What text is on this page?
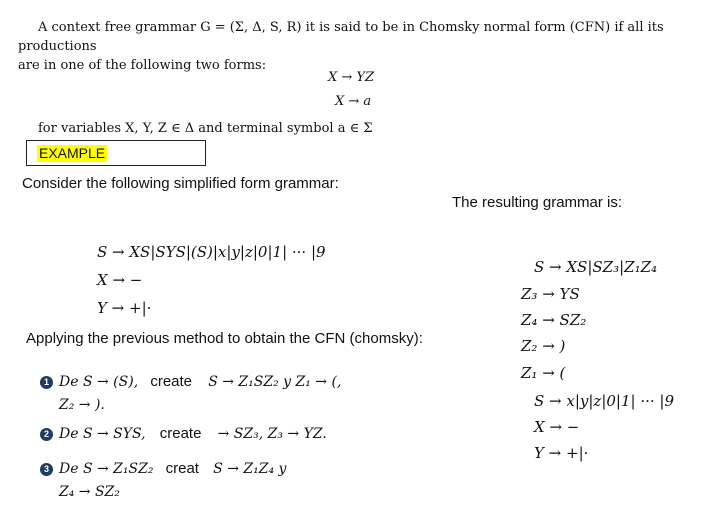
A context free grammar G = (Σ, Δ, S, R) it is said to be in Chomsky normal form (CFN) if all its productions

are in one of the following two forms:
X → YZ
X → a
for variables X, Y, Z ∈ Δ and terminal symbol a ∈ Σ
EXAMPLE
Consider the following simplified form grammar:
The resulting grammar is:
S → XS|SYS|(S)|x|y|z|0|1| ··· |9
X → −
Y → +|·
Applying the previous method to obtain the CFN (chomsky):
1 De S → (S), create S → Z₁SZ₂ y Z₁ → (,
Z₂ → ).
2 De S → SYS, create → SZ₃, Z₃ → YZ.
3 De S → Z₁SZ₂ creat S → Z₁Z₄ y
Z₄ → SZ₂
S → XS|SZ₃|Z₁Z₄
Z₃ → YS
Z₄ → SZ₂
Z₂ → )
Z₁ → (
S → x|y|z|0|1| ··· |9
X → −
Y → +|·
